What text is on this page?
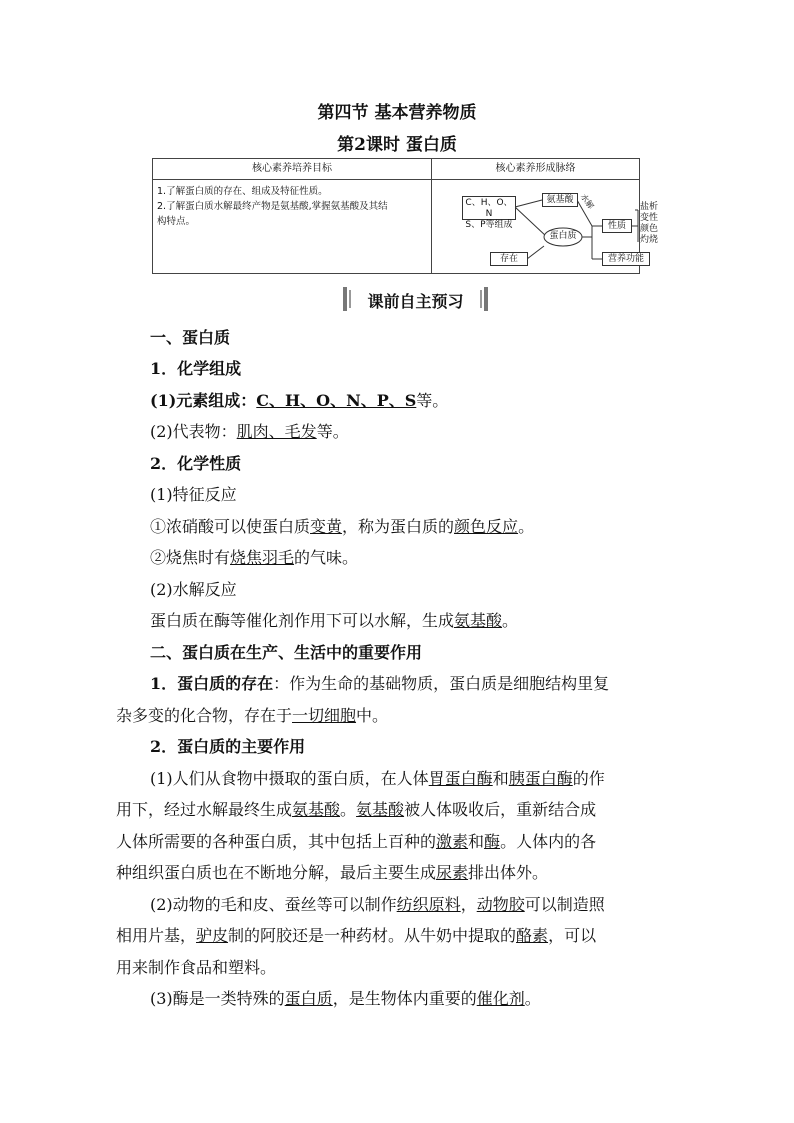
第四节 基本营养物质
第2课时 蛋白质
核心素养培养目标	核心素养形成脉络
1.了解蛋白质的存在、组成及特征性质。
2.了解蛋白质水解最终产物是氨基酸,掌握氨基酸及其结
构特点。
蛋白质
C、H、O、N
S、P等组成
氨基酸 水解
性质
营养功能
存在
盐析
变性
颜色
灼烧
课前自主预习
一、蛋白质
1．化学组成
(1)元素组成：C、H、O、N、P、S等。
(2)代表物：肌肉、毛发等。
2．化学性质
(1)特征反应
①浓硝酸可以使蛋白质变黄，称为蛋白质的颜色反应。
②烧焦时有烧焦羽毛的气味。
(2)水解反应
蛋白质在酶等催化剂作用下可以水解，生成氨基酸。
二、蛋白质在生产、生活中的重要作用
1．蛋白质的存在：作为生命的基础物质，蛋白质是细胞结构里复
杂多变的化合物，存在于一切细胞中。
2．蛋白质的主要作用
(1)人们从食物中摄取的蛋白质，在人体胃蛋白酶和胰蛋白酶的作
用下，经过水解最终生成氨基酸。氨基酸被人体吸收后，重新结合成
人体所需要的各种蛋白质，其中包括上百种的激素和酶。人体内的各
种组织蛋白质也在不断地分解，最后主要生成尿素排出体外。
(2)动物的毛和皮、蚕丝等可以制作纺织原料，动物胶可以制造照
相用片基，驴皮制的阿胶还是一种药材。从牛奶中提取的酪素，可以
用来制作食品和塑料。
(3)酶是一类特殊的蛋白质，是生物体内重要的催化剂。
